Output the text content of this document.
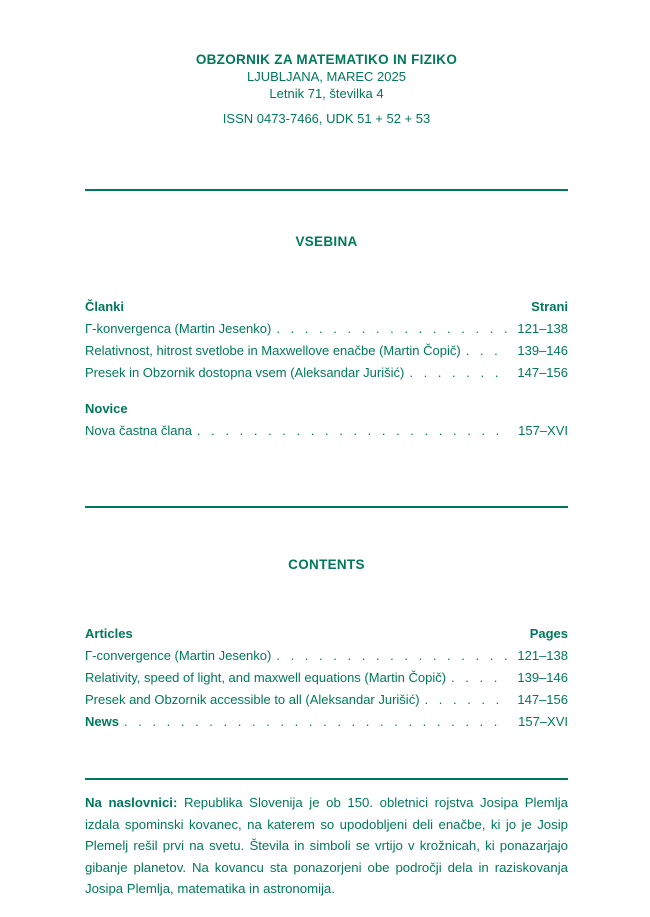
OBZORNIK ZA MATEMATIKO IN FIZIKO
LJUBLJANA, MAREC 2025
Letnik 71, številka 4
ISSN 0473-7466, UDK 51 + 52 + 53
VSEBINA
Članki	Strani
Γ-konvergenca (Martin Jesenko) . . .	121–138
Relativnost, hitrost svetlobe in Maxwellove enačbe (Martin Čopič) . . .	139–146
Presek in Obzornik dostopna vsem (Aleksandar Jurišić) . . .	147–156
Novice
Nova častna člana . . .	157–XVI
CONTENTS
Articles	Pages
Γ-convergence (Martin Jesenko) . . .	121–138
Relativity, speed of light, and maxwell equations (Martin Čopič) . . .	139–146
Presek and Obzornik accessible to all (Aleksandar Jurišić) . . .	147–156
News . . .	157–XVI
Na naslovnici: Republika Slovenija je ob 150. obletnici rojstva Josipa Plemlja izdala spominski kovanec, na katerem so upodobljeni deli enačbe, ki jo je Josip Plemelj rešil prvi na svetu. Števila in simboli se vrtijo v krožnicah, ki ponazarjajo gibanje planetov. Na kovancu sta ponazorjeni obe področji dela in raziskovanja Josipa Plemlja, matematika in astronomija.
